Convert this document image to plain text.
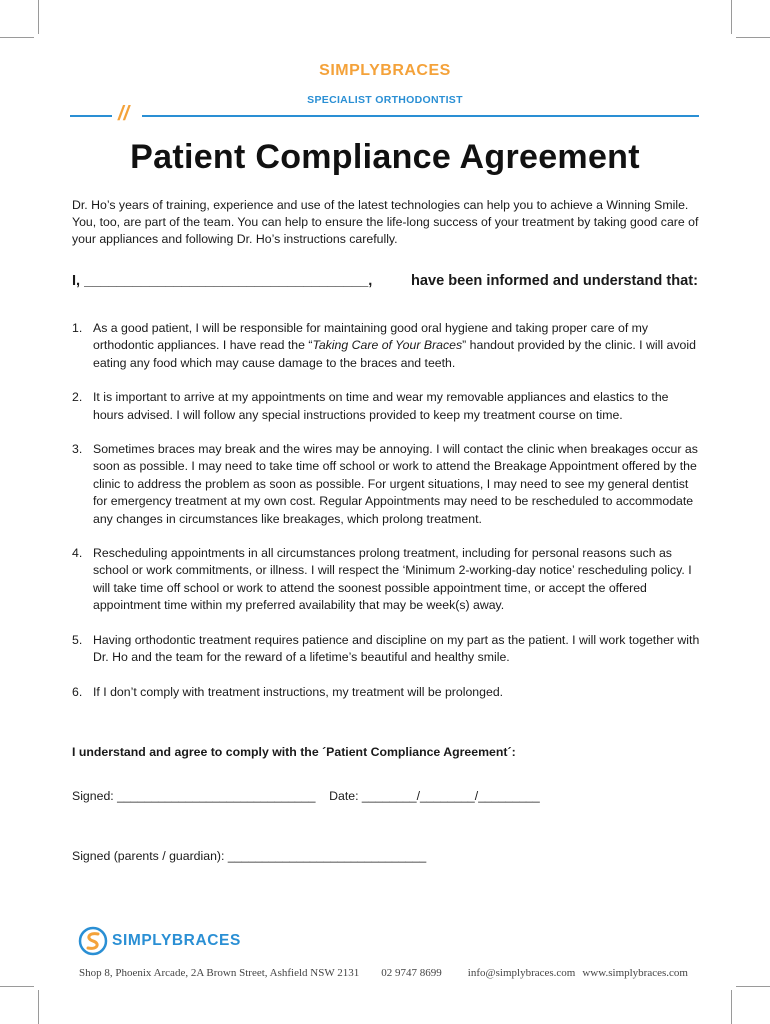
SIMPLYBRACES
SPECIALIST ORTHODONTIST
//
Patient Compliance Agreement
Dr. Ho’s years of training, experience and use of the latest technologies can help you to achieve a Winning Smile. You, too, are part of the team. You can help to ensure the life-long success of your treatment by taking good care of your appliances and following Dr. Ho’s instructions carefully.
I, ___________________________________,	have been informed and understand that:
1. As a good patient, I will be responsible for maintaining good oral hygiene and taking proper care of my orthodontic appliances. I have read the “Taking Care of Your Braces” handout provided by the clinic. I will avoid eating any food which may cause damage to the braces and teeth.
2. It is important to arrive at my appointments on time and wear my removable appliances and elastics to the hours advised. I will follow any special instructions provided to keep my treatment course on time.
3. Sometimes braces may break and the wires may be annoying. I will contact the clinic when breakages occur as soon as possible. I may need to take time off school or work to attend the Breakage Appointment offered by the clinic to address the problem as soon as possible. For urgent situations, I may need to see my general dentist for emergency treatment at my own cost. Regular Appointments may need to be rescheduled to accommodate any changes in circumstances like breakages, which prolong treatment.
4. Rescheduling appointments in all circumstances prolong treatment, including for personal reasons such as school or work commitments, or illness. I will respect the ‘Minimum 2-working-day notice’ rescheduling policy. I will take time off school or work to attend the soonest possible appointment time, or accept the offered appointment time within my preferred availability that may be week(s) away.
5. Having orthodontic treatment requires patience and discipline on my part as the patient. I will work together with Dr. Ho and the team for the reward of a lifetime’s beautiful and healthy smile.
6. If I don’t comply with treatment instructions, my treatment will be prolonged.
I understand and agree to comply with the ´Patient Compliance Agreement´:
Signed: _____________________________ Date: ________/________/_________
Signed (parents / guardian): _____________________________
SIMPLYBRACES
Shop 8, Phoenix Arcade, 2A Brown Street, Ashfield NSW 2131 02 9747 8699 info@simplybraces.com www.simplybraces.com
